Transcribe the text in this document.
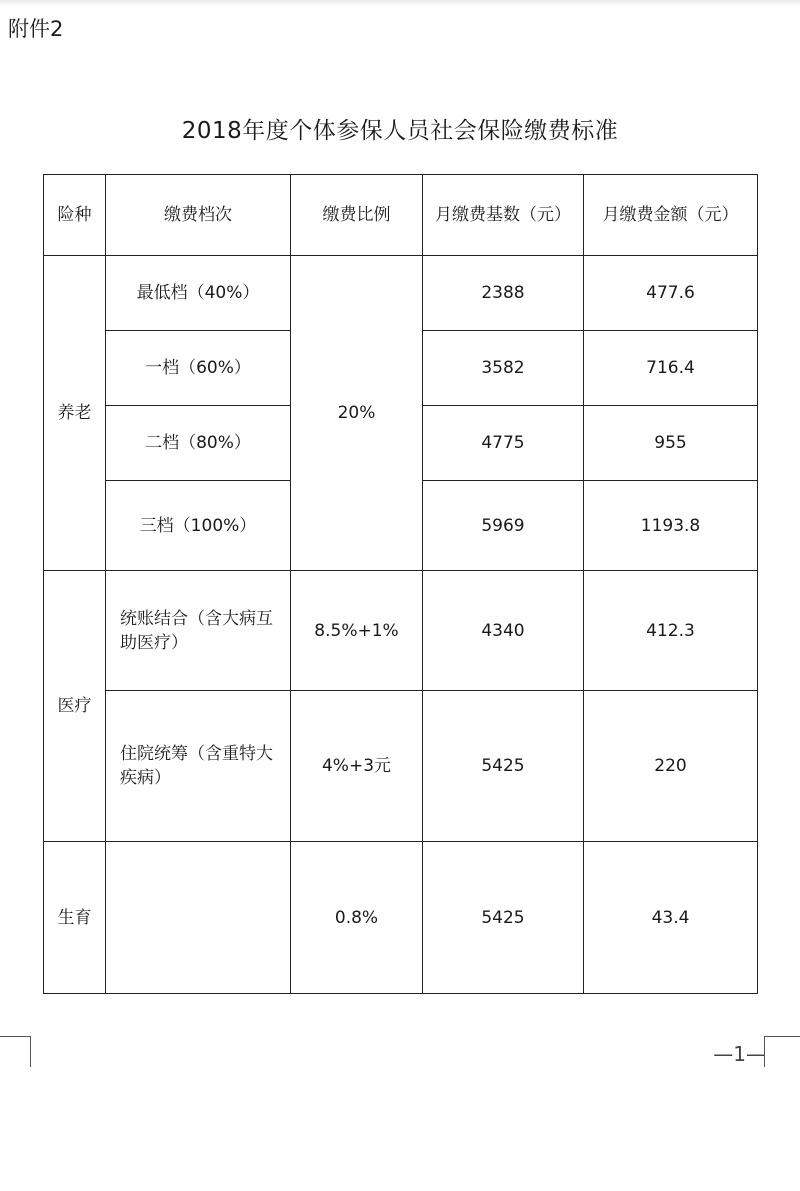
附件2
2018年度个体参保人员社会保险缴费标准
险种	缴费档次	缴费比例	月缴费基数（元）	月缴费金额（元）
养老	最低档（40%）	20%	2388	477.6
	一档（60%）		3582	716.4
	二档（80%）		4775	955
	三档（100%）		5969	1193.8
医疗	统账结合（含大病互助医疗）	8.5%+1%	4340	412.3
	住院统筹（含重特大疾病）	4%+3元	5425	220
生育		0.8%	5425	43.4
—1—
